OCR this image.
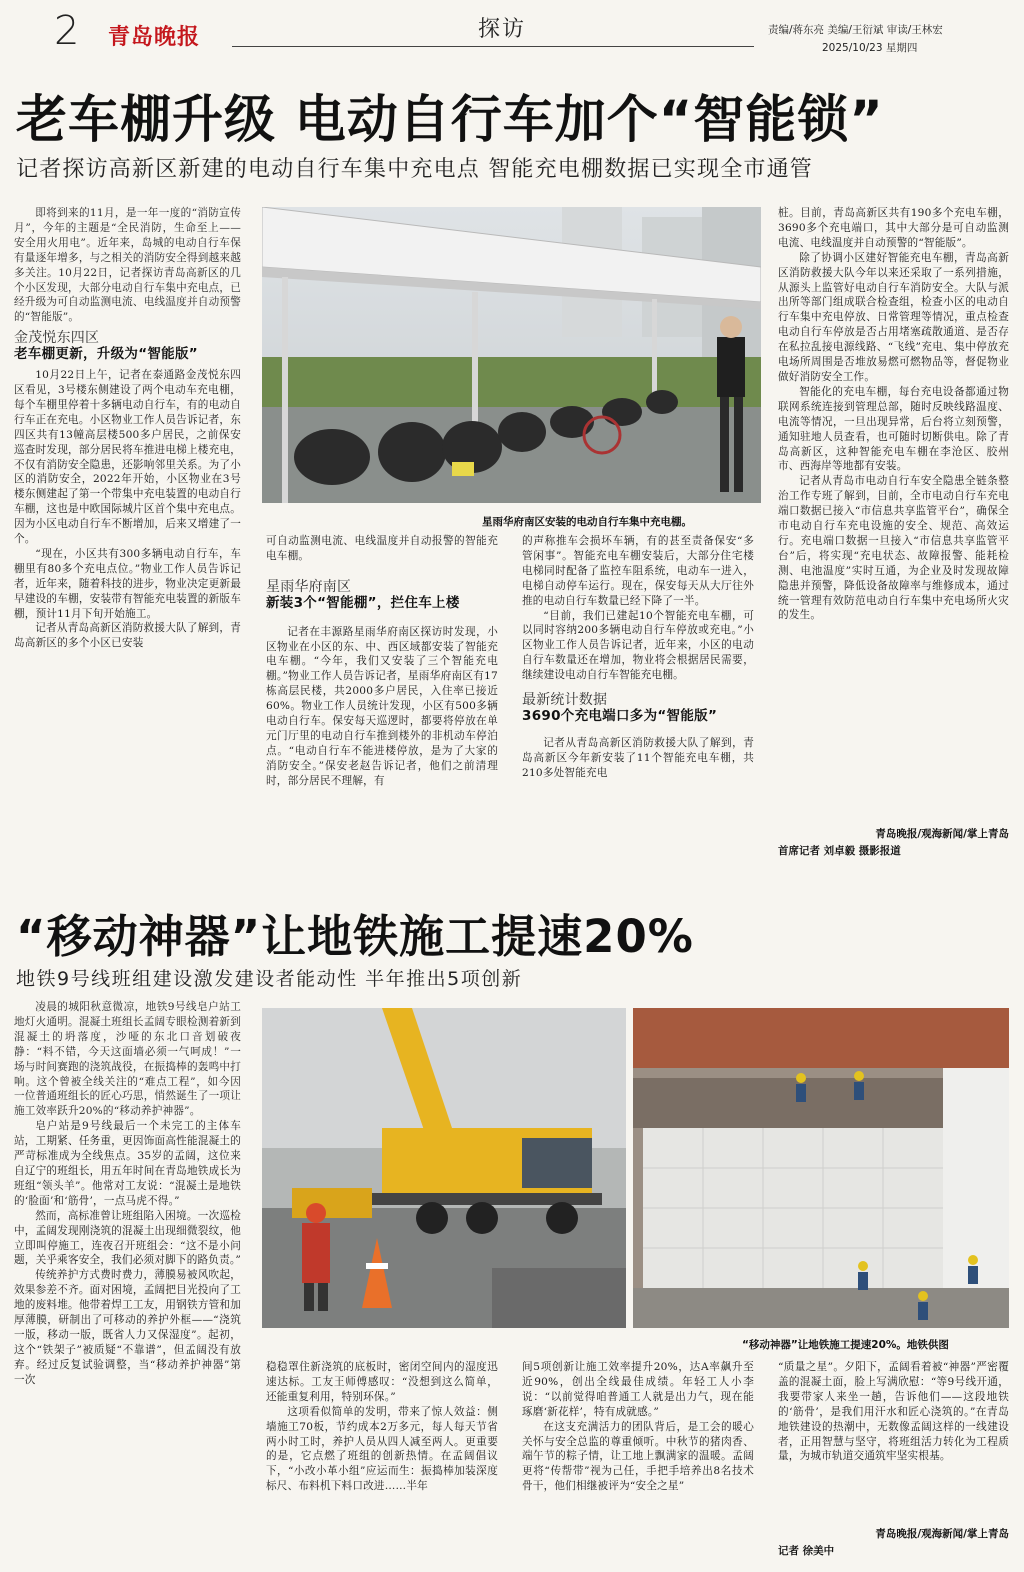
2 青岛晚报	探访	责编/蒋东亮 美编/王衍斌 审读/王林宏
2025/10/23 星期四
老车棚升级 电动自行车加个“智能锁”
记者探访高新区新建的电动自行车集中充电点 智能充电棚数据已实现全市通管

即将到来的11月，是一年一度的“消防宣传月”，今年的主题是“全民消防，生命至上——安全用火用电”。近年来，岛城的电动自行车保有量逐年增多，与之相关的消防安全得到越来越多关注。10月22日，记者探访青岛高新区的几个小区发现，大部分电动自行车集中充电点，已经升级为可自动监测电流、电线温度并自动预警的“智能版”。

金茂悦东四区
老车棚更新，升级为“智能版”

10月22日上午，记者在泰通路金茂悦东四区看见，3号楼东侧建设了两个电动车充电棚，每个车棚里停着十多辆电动自行车，有的电动自行车正在充电。小区物业工作人员告诉记者，东四区共有13幢高层楼500多户居民，之前保安巡查时发现，部分居民将车推进电梯上楼充电，不仅有消防安全隐患，还影响邻里关系。为了小区的消防安全，2022年开始，小区物业在3号楼东侧建起了第一个带集中充电装置的电动自行车棚，这也是中欧国际城片区首个集中充电点。因为小区电动自行车不断增加，后来又增建了一个。

“现在，小区共有300多辆电动自行车，车棚里有80多个充电点位。”物业工作人员告诉记者，近年来，随着科技的进步，物业决定更新最早建设的车棚，安装带有智能充电装置的新版车棚，预计11月下旬开始施工。

记者从青岛高新区消防救援大队了解到，青岛高新区的多个小区已安装

星雨华府南区安装的电动自行车集中充电棚。

可自动监测电流、电线温度并自动报警的智能充电车棚。

星雨华府南区
新装3个“智能棚”，拦住车上楼

记者在丰源路星雨华府南区探访时发现，小区物业在小区的东、中、西区域都安装了智能充电车棚。“今年，我们又安装了三个智能充电棚。”物业工作人员告诉记者，星雨华府南区有17栋高层民楼，共2000多户居民，入住率已接近60%。物业工作人员统计发现，小区有500多辆电动自行车。保安每天巡逻时，都要将停放在单元门厅里的电动自行车推到楼外的非机动车停泊点。“电动自行车不能进楼停放，是为了大家的消防安全。”保安老赵告诉记者，他们之前清理时，部分居民不理解，有

的声称推车会损坏车辆，有的甚至责备保安“多管闲事”。智能充电车棚安装后，大部分住宅楼电梯同时配备了监控车阻系统，电动车一进入，电梯自动停车运行。现在，保安每天从大厅往外推的电动自行车数量已经下降了一半。

“目前，我们已建起10个智能充电车棚，可以同时容纳200多辆电动自行车停放或充电。”小区物业工作人员告诉记者，近年来，小区的电动自行车数量还在增加，物业将会根据居民需要，继续建设电动自行车智能充电棚。

最新统计数据
3690个充电端口多为“智能版”

记者从青岛高新区消防救援大队了解到，青岛高新区今年新安装了11个智能充电车棚，共210多处智能充电

桩。目前，青岛高新区共有190多个充电车棚，3690多个充电端口，其中大部分是可自动监测电流、电线温度并自动预警的“智能版”。

除了协调小区建好智能充电车棚，青岛高新区消防救援大队今年以来还采取了一系列措施，从源头上监管好电动自行车消防安全。大队与派出所等部门组成联合检查组，检查小区的电动自行车集中充电停放、日常管理等情况，重点检查电动自行车停放是否占用堵塞疏散通道、是否存在私拉乱接电源线路、“飞线”充电、集中停放充电场所周围是否堆放易燃可燃物品等，督促物业做好消防安全工作。

智能化的充电车棚，每台充电设备都通过物联网系统连接到管理总部，随时反映线路温度、电流等情况，一旦出现异常，后台将立刻预警，通知驻地人员查看，也可随时切断供电。除了青岛高新区，这种智能充电车棚在李沧区、胶州市、西海岸等地都有安装。

记者从青岛市电动自行车安全隐患全链条整治工作专班了解到，目前，全市电动自行车充电端口数据已接入“市信息共享监管平台”，确保全市电动自行车充电设施的安全、规范、高效运行。充电端口数据一旦接入“市信息共享监管平台”后，将实现“充电状态、故障报警、能耗检测、电池温度”实时互通，为企业及时发现故障隐患并预警，降低设备故障率与维修成本，通过统一管理有效防范电动自行车集中充电场所火灾的发生。

青岛晚报/观海新闻/掌上青岛
首席记者 刘卓毅 摄影报道
“移动神器”让地铁施工提速20%
地铁9号线班组建设激发建设者能动性 半年推出5项创新

凌晨的城阳秋意微凉，地铁9号线皂户站工地灯火通明。混凝土班组长孟阔专眼检测着新到混凝土的坍落度，沙哑的东北口音划破夜静：“料不错，今天这面墙必须一气呵成！”一场与时间赛跑的浇筑战役，在振捣棒的轰鸣中打响。这个曾被全线关注的“难点工程”，如今因一位普通班组长的匠心巧思，悄然诞生了一项让施工效率跃升20%的“移动养护神器”。

皂户站是9号线最后一个未完工的主体车站，工期紧、任务重，更因饰面高性能混凝土的严苛标准成为全线焦点。35岁的孟阔，这位来自辽宁的班组长，用五年时间在青岛地铁成长为班组“领头羊”。他常对工友说：“混凝土是地铁的‘脸面’和‘筋骨’，一点马虎不得。”

然而，高标准曾让班组陷入困境。一次巡检中，孟阔发现刚浇筑的混凝土出现细微裂纹，他立即叫停施工，连夜召开班组会：“这不是小问题，关乎乘客安全，我们必须对脚下的路负责。”

传统养护方式费时费力，薄膜易被风吹起，效果参差不齐。面对困境，孟阔把目光投向了工地的废料堆。他带着焊工工友，用钢铁方管和加厚薄膜，研制出了可移动的养护外框——“浇筑一版，移动一版，既省人力又保湿度”。起初，这个“铁架子”被质疑“不靠谱”，但孟阔没有放弃。经过反复试验调整，当“移动养护神器”第一次

“移动神器”让地铁施工提速20%。地铁供图

稳稳罩住新浇筑的底板时，密闭空间内的湿度迅速达标。工友王师傅感叹：“没想到这么简单，还能重复利用，特别环保。”

这项看似简单的发明，带来了惊人效益：侧墙施工70板，节约成本2万多元，每人每天节省两小时工时，养护人员从四人减至两人。更重要的是，它点燃了班组的创新热情。在孟阔倡议下，“小改小革小组”应运而生：振捣棒加装深度标尺、布料机下料口改进……半年

间5项创新让施工效率提升20%，达A率飙升至近90%，创出全线最佳成绩。年轻工人小李说：“以前觉得咱普通工人就是出力气，现在能琢磨‘新花样’，特有成就感。”

在这支充满活力的团队背后，是工会的暖心关怀与安全总监的尊重倾听。中秋节的猪肉香、端午节的粽子情，让工地上飘满家的温暖。孟阔更将“传帮带”视为己任，手把手培养出8名技术骨干，他们相继被评为“安全之星”

“质量之星”。夕阳下，孟阔看着被“神器”严密覆盖的混凝土面，脸上写满欣慰：“等9号线开通，我要带家人来坐一趟，告诉他们——这段地铁的‘筋骨’，是我们用汗水和匠心浇筑的。”在青岛地铁建设的热潮中，无数像孟阔这样的一线建设者，正用智慧与坚守，将班组活力转化为工程质量，为城市轨道交通筑牢坚实根基。

青岛晚报/观海新闻/掌上青岛
记者 徐美中
